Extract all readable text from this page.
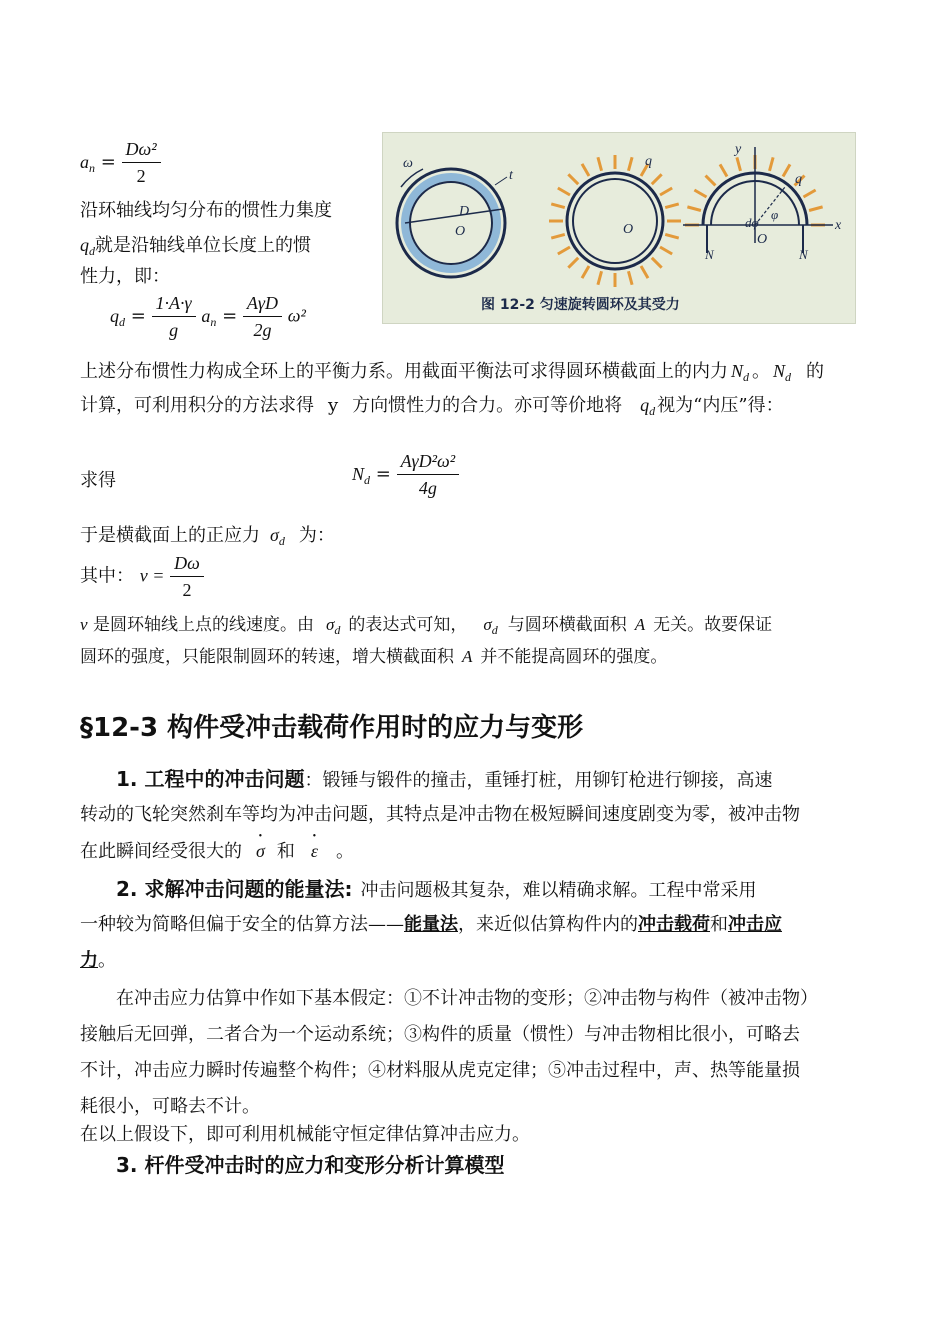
$a_n = \frac{\text{Dω²}}{2}$
沿环轴线均匀分布的惯性力集度
$q_d$就是沿轴线单位长度上的惯
性力，即：
$q_d = \frac{1\cdot A\cdot\gamma}{g} a_n = \frac{\text{AγD}}{2g} \omega^2$
ω
t
D
O	O
q
y
x
q
dφ
φ
O
N	N
图 12-2 匀速旋转圆环及其受力
上述分布惯性力构成全环上的平衡力系。用截面平衡法可求得圆环横截面上的内力 $N_d$ 。 $N_d$ 的
计算，可利用积分的方法求得 y 方向惯性力的合力。亦可等价地将 $q_d$ 视为“内压”得：
求得	$N_d = \frac{\text{AγD²ω²}}{4g}$
于是横截面上的正应力 $\sigma_d$ 为：
其中： $v = \frac{D\omega}{2}$
v 是圆环轴线上点的线速度。由 $\sigma_d$ 的表达式可知， $\sigma_d$ 与圆环横截面积 A 无关。故要保证
圆环的强度，只能限制圆环的转速，增大横截面积 A 并不能提高圆环的强度。
§12-3 构件受冲击载荷作用时的应力与变形
1. 工程中的冲击问题：锻锤与锻件的撞击，重锤打桩，用铆钉枪进行铆接，高速
转动的飞轮突然刹车等均为冲击问题，其特点是冲击物在极短瞬间速度剧变为零，被冲击物
在此瞬间经受很大的 • σ 和 • ε 。
2. 求解冲击问题的能量法: 冲击问题极其复杂，难以精确求解。工程中常采用
一种较为简略但偏于安全的估算方法——能量法，来近似估算构件内的冲击载荷和冲击应
力。
在冲击应力估算中作如下基本假定：①不计冲击物的变形；②冲击物与构件（被冲击物）
接触后无回弹，二者合为一个运动系统；③构件的质量（惯性）与冲击物相比很小，可略去
不计，冲击应力瞬时传遍整个构件；④材料服从虎克定律；⑤冲击过程中，声、热等能量损
耗很小，可略去不计。
在以上假设下，即可利用机械能守恒定律估算冲击应力。
3. 杆件受冲击时的应力和变形分析计算模型
